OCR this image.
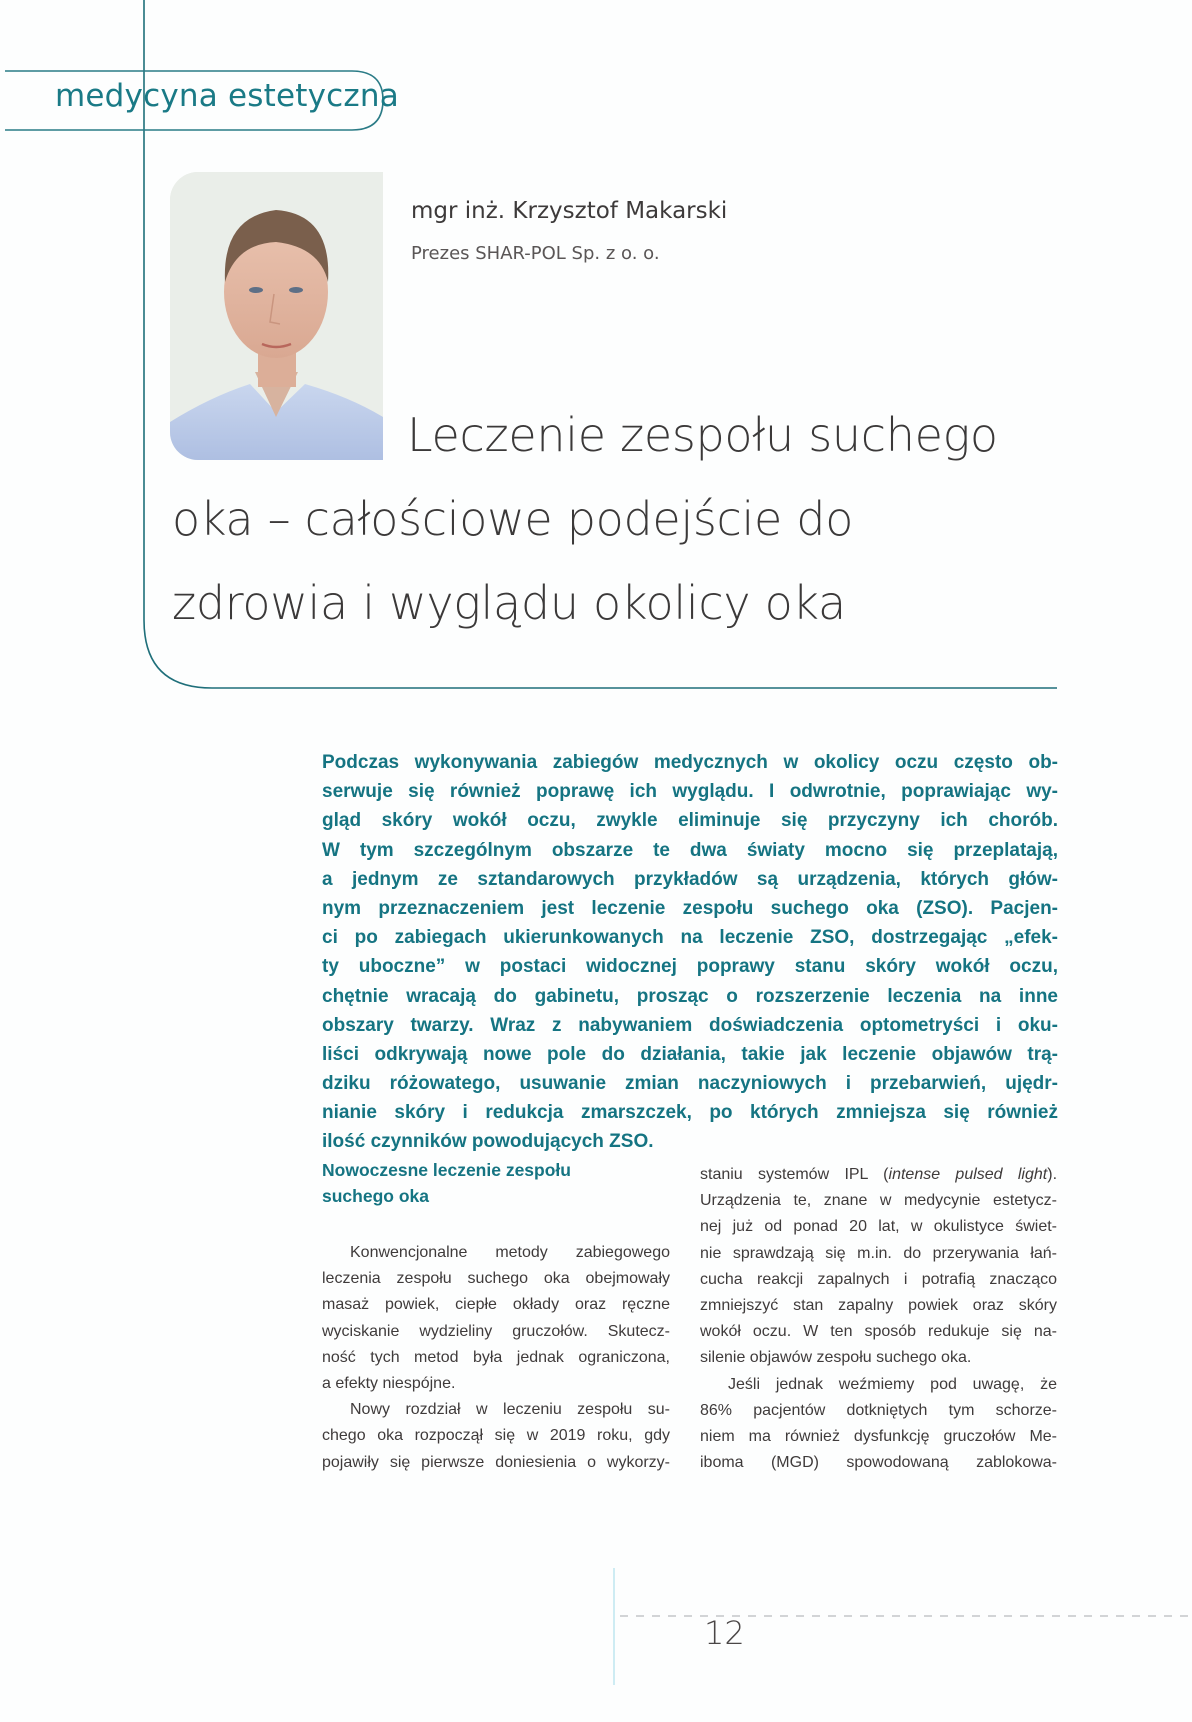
medycyna estetyczna
mgr inż. Krzysztof Makarski
Prezes SHAR-POL Sp. z o. o.
Leczenie zespołu suchego
oka – całościowe podejście do
zdrowia i wyglądu okolicy oka
Podczas wykonywania zabiegów medycznych w okolicy oczu często ob-
serwuje się również poprawę ich wyglądu. I odwrotnie, poprawiając wy-
gląd skóry wokół oczu, zwykle eliminuje się przyczyny ich chorób.
W tym szczególnym obszarze te dwa światy mocno się przeplatają,
a jednym ze sztandarowych przykładów są urządzenia, których głów-
nym przeznaczeniem jest leczenie zespołu suchego oka (ZSO). Pacjen-
ci po zabiegach ukierunkowanych na leczenie ZSO, dostrzegając „efek-
ty uboczne” w postaci widocznej poprawy stanu skóry wokół oczu,
chętnie wracają do gabinetu, prosząc o rozszerzenie leczenia na inne
obszary twarzy. Wraz z nabywaniem doświadczenia optometryści i oku-
liści odkrywają nowe pole do działania, takie jak leczenie objawów trą-
dziku różowatego, usuwanie zmian naczyniowych i przebarwień, ujędr-
nianie skóry i redukcja zmarszczek, po których zmniejsza się również
ilość czynników powodujących ZSO.
Nowoczesne leczenie zespołu
suchego oka
Konwencjonalne metody zabiegowego
leczenia zespołu suchego oka obejmowały
masaż powiek, ciepłe okłady oraz ręczne
wyciskanie wydzieliny gruczołów. Skutecz-
ność tych metod była jednak ograniczona,
a efekty niespójne.
Nowy rozdział w leczeniu zespołu su-
chego oka rozpoczął się w 2019 roku, gdy
pojawiły się pierwsze doniesienia o wykorzy-
staniu systemów IPL (intense pulsed light).
Urządzenia te, znane w medycynie estetycz-
nej już od ponad 20 lat, w okulistyce świet-
nie sprawdzają się m.in. do przerywania łań-
cucha reakcji zapalnych i potrafią znacząco
zmniejszyć stan zapalny powiek oraz skóry
wokół oczu. W ten sposób redukuje się na-
silenie objawów zespołu suchego oka.
Jeśli jednak weźmiemy pod uwagę, że
86% pacjentów dotkniętych tym schorze-
niem ma również dysfunkcję gruczołów Me-
iboma (MGD) spowodowaną zablokowa-
12
